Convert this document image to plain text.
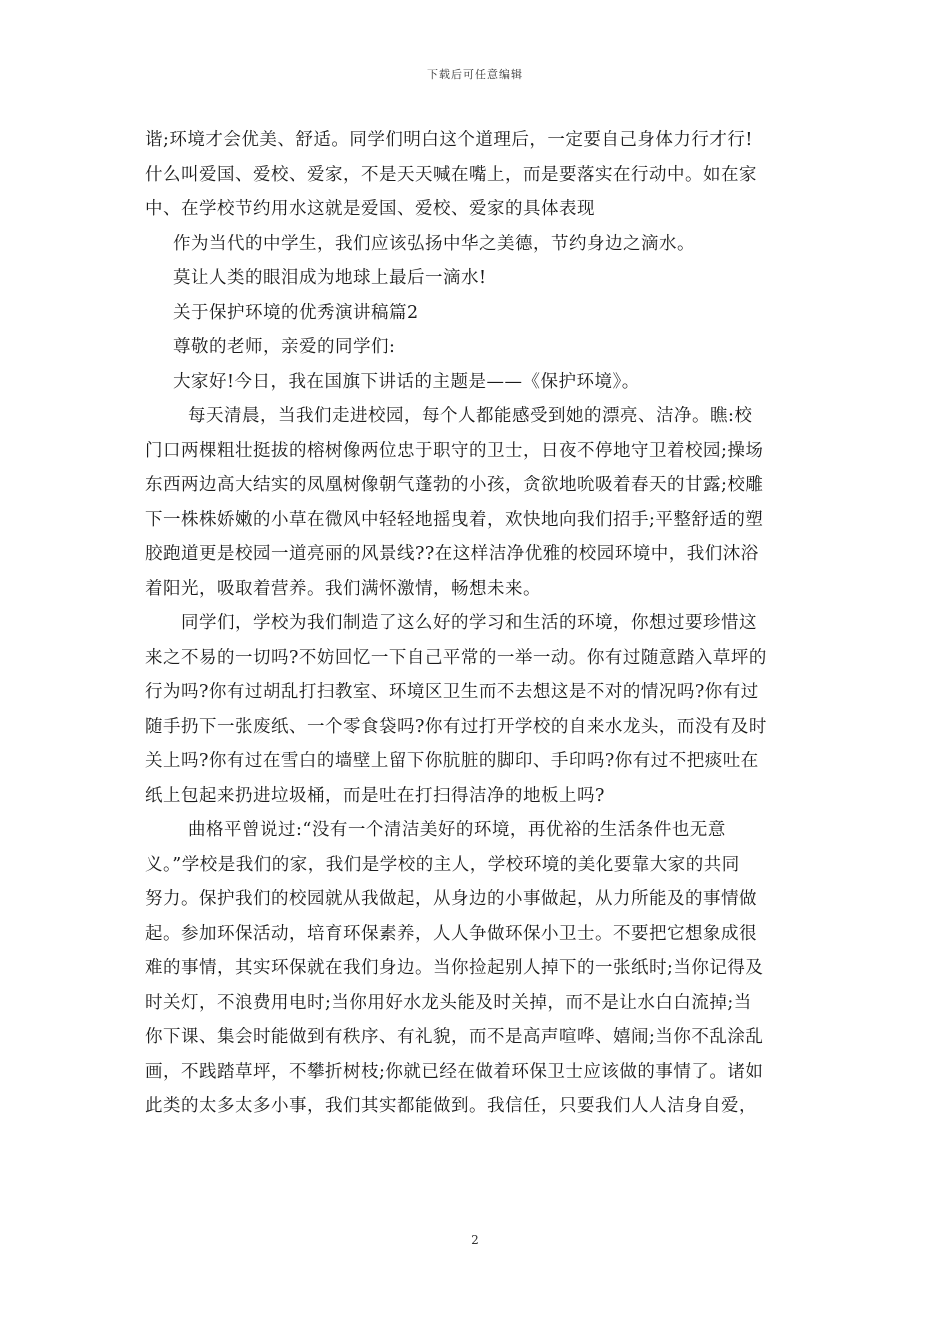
下载后可任意编辑
谐;环境才会优美、舒适。同学们明白这个道理后，一定要自己身体力行才行!
什么叫爱国、爱校、爱家，不是天天喊在嘴上，而是要落实在行动中。如在家
中、在学校节约用水这就是爱国、爱校、爱家的具体表现
作为当代的中学生，我们应该弘扬中华之美德，节约身边之滴水。
莫让人类的眼泪成为地球上最后一滴水!
关于保护环境的优秀演讲稿篇2
尊敬的老师，亲爱的同学们:
大家好!今日，我在国旗下讲话的主题是——《保护环境》。
每天清晨，当我们走进校园，每个人都能感受到她的漂亮、洁净。瞧:校
门口两棵粗壮挺拔的榕树像两位忠于职守的卫士，日夜不停地守卫着校园;操场
东西两边高大结实的凤凰树像朝气蓬勃的小孩，贪欲地吮吸着春天的甘露;校雕
下一株株娇嫩的小草在微风中轻轻地摇曳着，欢快地向我们招手;平整舒适的塑
胶跑道更是校园一道亮丽的风景线??在这样洁净优雅的校园环境中，我们沐浴
着阳光，吸取着营养。我们满怀激情，畅想未来。
同学们，学校为我们制造了这么好的学习和生活的环境，你想过要珍惜这
来之不易的一切吗?不妨回忆一下自己平常的一举一动。你有过随意踏入草坪的
行为吗?你有过胡乱打扫教室、环境区卫生而不去想这是不对的情况吗?你有过
随手扔下一张废纸、一个零食袋吗?你有过打开学校的自来水龙头，而没有及时
关上吗?你有过在雪白的墙壁上留下你肮脏的脚印、手印吗?你有过不把痰吐在
纸上包起来扔进垃圾桶，而是吐在打扫得洁净的地板上吗?
曲格平曾说过:“没有一个清洁美好的环境，再优裕的生活条件也无意
义。”学校是我们的家，我们是学校的主人，学校环境的美化要靠大家的共同
努力。保护我们的校园就从我做起，从身边的小事做起，从力所能及的事情做
起。参加环保活动，培育环保素养，人人争做环保小卫士。不要把它想象成很
难的事情，其实环保就在我们身边。当你捡起别人掉下的一张纸时;当你记得及
时关灯，不浪费用电时;当你用好水龙头能及时关掉，而不是让水白白流掉;当
你下课、集会时能做到有秩序、有礼貌，而不是高声喧哗、嬉闹;当你不乱涂乱
画，不践踏草坪，不攀折树枝;你就已经在做着环保卫士应该做的事情了。诸如
此类的太多太多小事，我们其实都能做到。我信任，只要我们人人洁身自爱，
2
